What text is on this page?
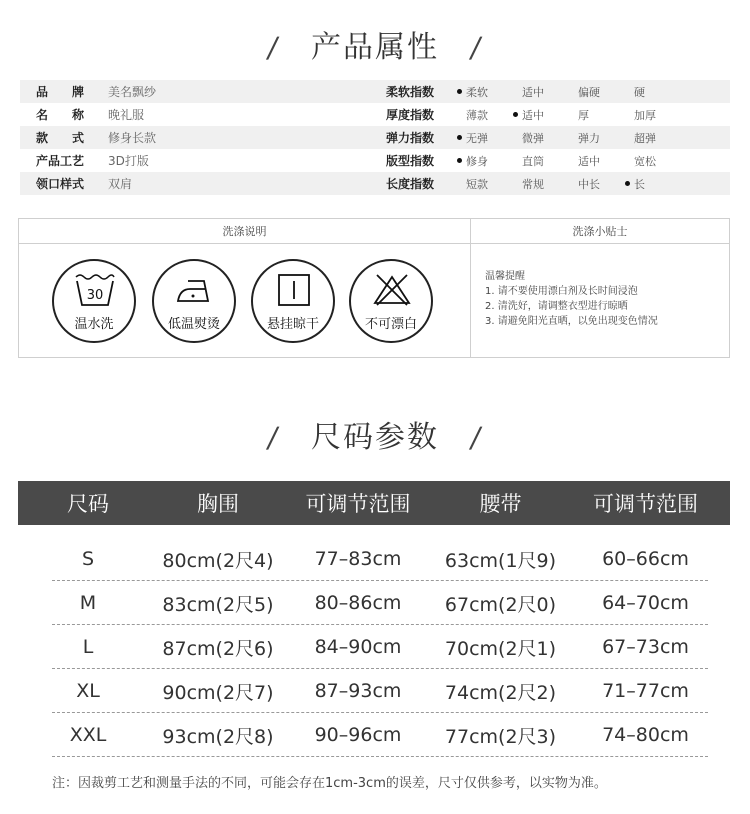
/ 产品属性 /
品　　牌	美名飘纱	柔软指数	柔软	适中	偏硬	硬
名　　称	晚礼服	厚度指数	薄款	适中	厚	加厚
款　　式	修身长款	弹力指数	无弹	微弹	弹力	超弹
产品工艺	3D打版	版型指数	修身	直筒	适中	宽松
领口样式	双肩	长度指数	短款	常规	中长	长
洗涤说明	洗涤小贴士
30
温水洗	低温熨烫	悬挂晾干	不可漂白
温馨提醒
1. 请不要使用漂白剂及长时间浸泡
2. 清洗好，请调整衣型进行晾晒
3. 请避免阳光直晒，以免出现变色情况
/ 尺码参数 /
尺码	胸围	可调节范围	腰带	可调节范围
S	80cm(2尺4)	77–83cm	63cm(1尺9)	60–66cm
M	83cm(2尺5)	80–86cm	67cm(2尺0)	64–70cm
L	87cm(2尺6)	84–90cm	70cm(2尺1)	67–73cm
XL	90cm(2尺7)	87–93cm	74cm(2尺2)	71–77cm
XXL	93cm(2尺8)	90–96cm	77cm(2尺3)	74–80cm
注：因裁剪工艺和测量手法的不同，可能会存在1cm-3cm的误差，尺寸仅供参考，以实物为准。
